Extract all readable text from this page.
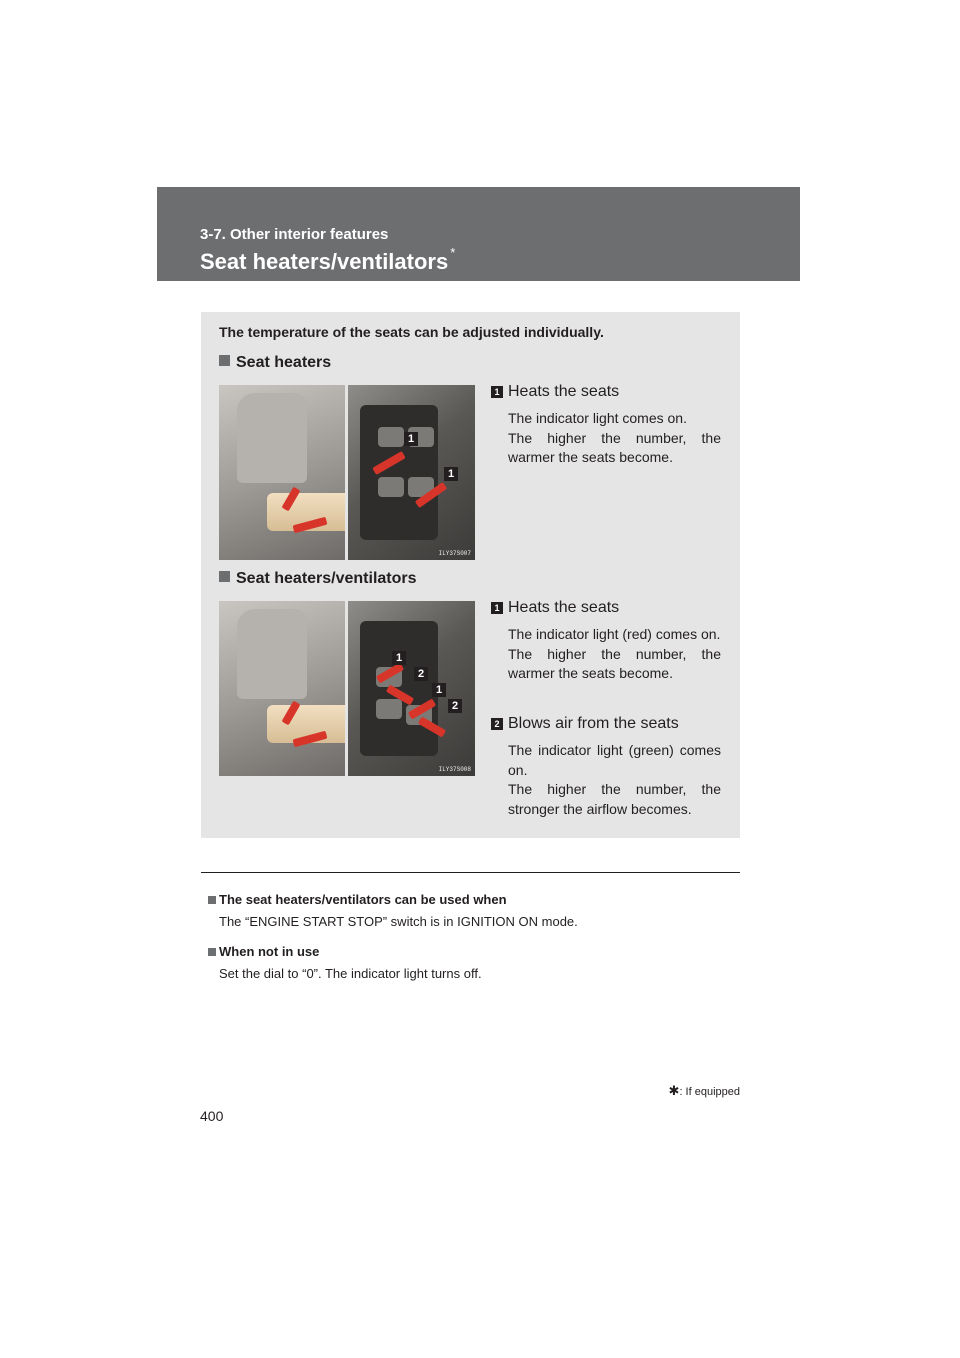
3-7. Other interior features
Seat heaters/ventilators *
The temperature of the seats can be adjusted individually.
Seat heaters
1
1
ILY37S007
1 Heats the seats
The indicator light comes on.
The higher the number, the warmer the seats become.
Seat heaters/ventilators
1
2
1
2
ILY37S008
1 Heats the seats
The indicator light (red) comes on.
The higher the number, the warmer the seats become.
2 Blows air from the seats
The indicator light (green) comes on.
The higher the number, the stronger the airflow becomes.
The seat heaters/ventilators can be used when
The “ENGINE START STOP” switch is in IGNITION ON mode.
When not in use
Set the dial to “0”. The indicator light turns off.
✱: If equipped
400
